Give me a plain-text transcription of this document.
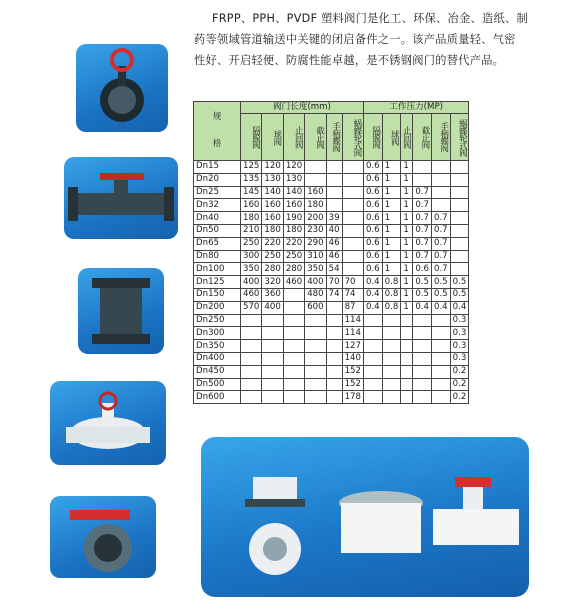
FRPP、PPH、PVDF 塑料阀门是化工、环保、冶金、造纸、制
药等领域管道输送中关键的闭启备件之一。该产品质量轻、气密
性好、开启轻便、防腐性能卓越，是不锈钢阀门的替代产品。
规
格	阀门长度(mm)						工作压力(MP)					
	隔膜阀	球阀	止回阀	截止阀	手柄蝶阀	蜗蝶轮式阀	隔膜阀	球阀	止回阀	截止阀	手柄蝶阀	蜗蝶轮式阀
Dn15	125	120	120				0.6	1	1			
Dn20	135	130	130				0.6	1	1			
Dn25	145	140	140	160			0.6	1	1	0.7		
Dn32	160	160	160	180			0.6	1	1	0.7		
Dn40	180	160	190	200	39		0.6	1	1	0.7	0.7	
Dn50	210	180	180	230	40		0.6	1	1	0.7	0.7	
Dn65	250	220	220	290	46		0.6	1	1	0.7	0.7	
Dn80	300	250	250	310	46		0.6	1	1	0.7	0.7	
Dn100	350	280	280	350	54		0.6	1	1	0.6	0.7	
Dn125	400	320	460	400	70	70	0.4	0.8	1	0.5	0.5	0.5
Dn150	460	360		480	74	74	0.4	0.8	1	0.5	0.5	0.5
Dn200	570	400		600		87	0.4	0.8	1	0.4	0.4	0.4
Dn250						114						0.3
Dn300						114						0.3
Dn350						127						0.3
Dn400						140						0.3
Dn450						152						0.2
Dn500						152						0.2
Dn600						178						0.2
